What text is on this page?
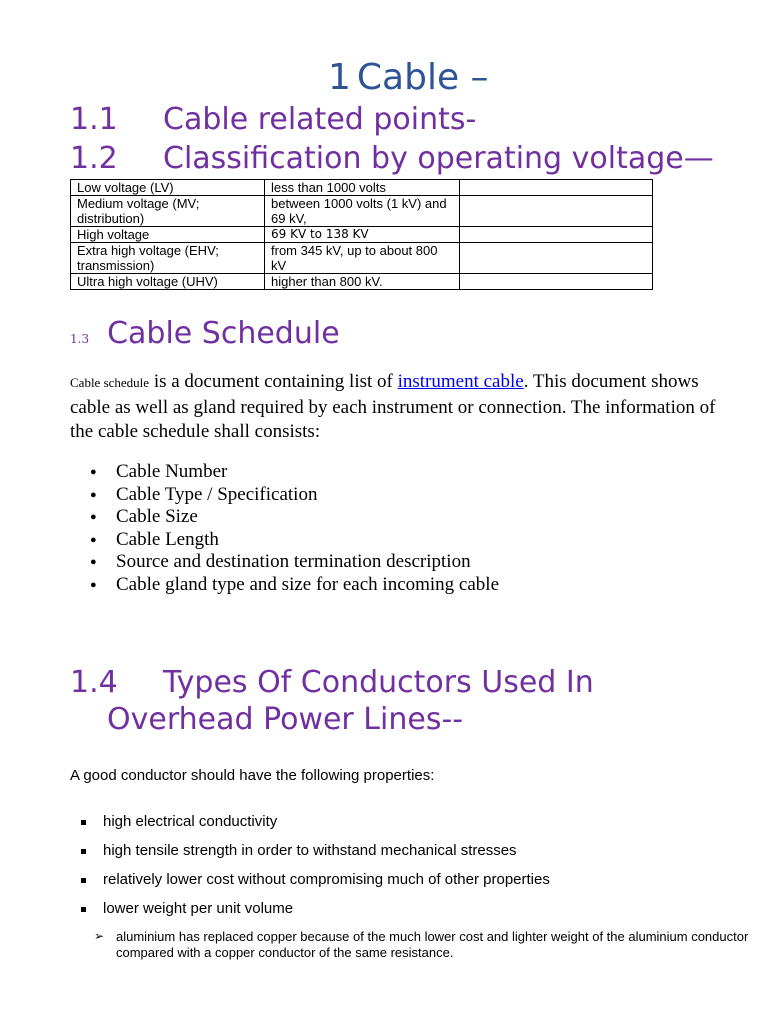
1 Cable –
1.1 Cable related points-
1.2 Classification by operating voltage—
Low voltage (LV)	less than 1000 volts	
Medium voltage (MV; distribution)	between 1000 volts (1 kV) and 69 kV,	
High voltage	69 KV to 138 KV	
Extra high voltage (EHV; transmission)	from 345 kV, up to about 800 kV	
Ultra high voltage (UHV)	higher than 800 kV.	
1.3 Cable Schedule
Cable schedule is a document containing list of instrument cable. This document shows cable as well as gland required by each instrument or connection. The information of the cable schedule shall consists:
● Cable Number
● Cable Type / Specification
● Cable Size
● Cable Length
● Source and destination termination description
● Cable gland type and size for each incoming cable
1.4 Types Of Conductors Used In
Overhead Power Lines--
A good conductor should have the following properties:
high electrical conductivity
high tensile strength in order to withstand mechanical stresses
relatively lower cost without compromising much of other properties
lower weight per unit volume
➢ aluminium has replaced copper because of the much lower cost and lighter weight of the aluminium conductor compared with a copper conductor of the same resistance.
